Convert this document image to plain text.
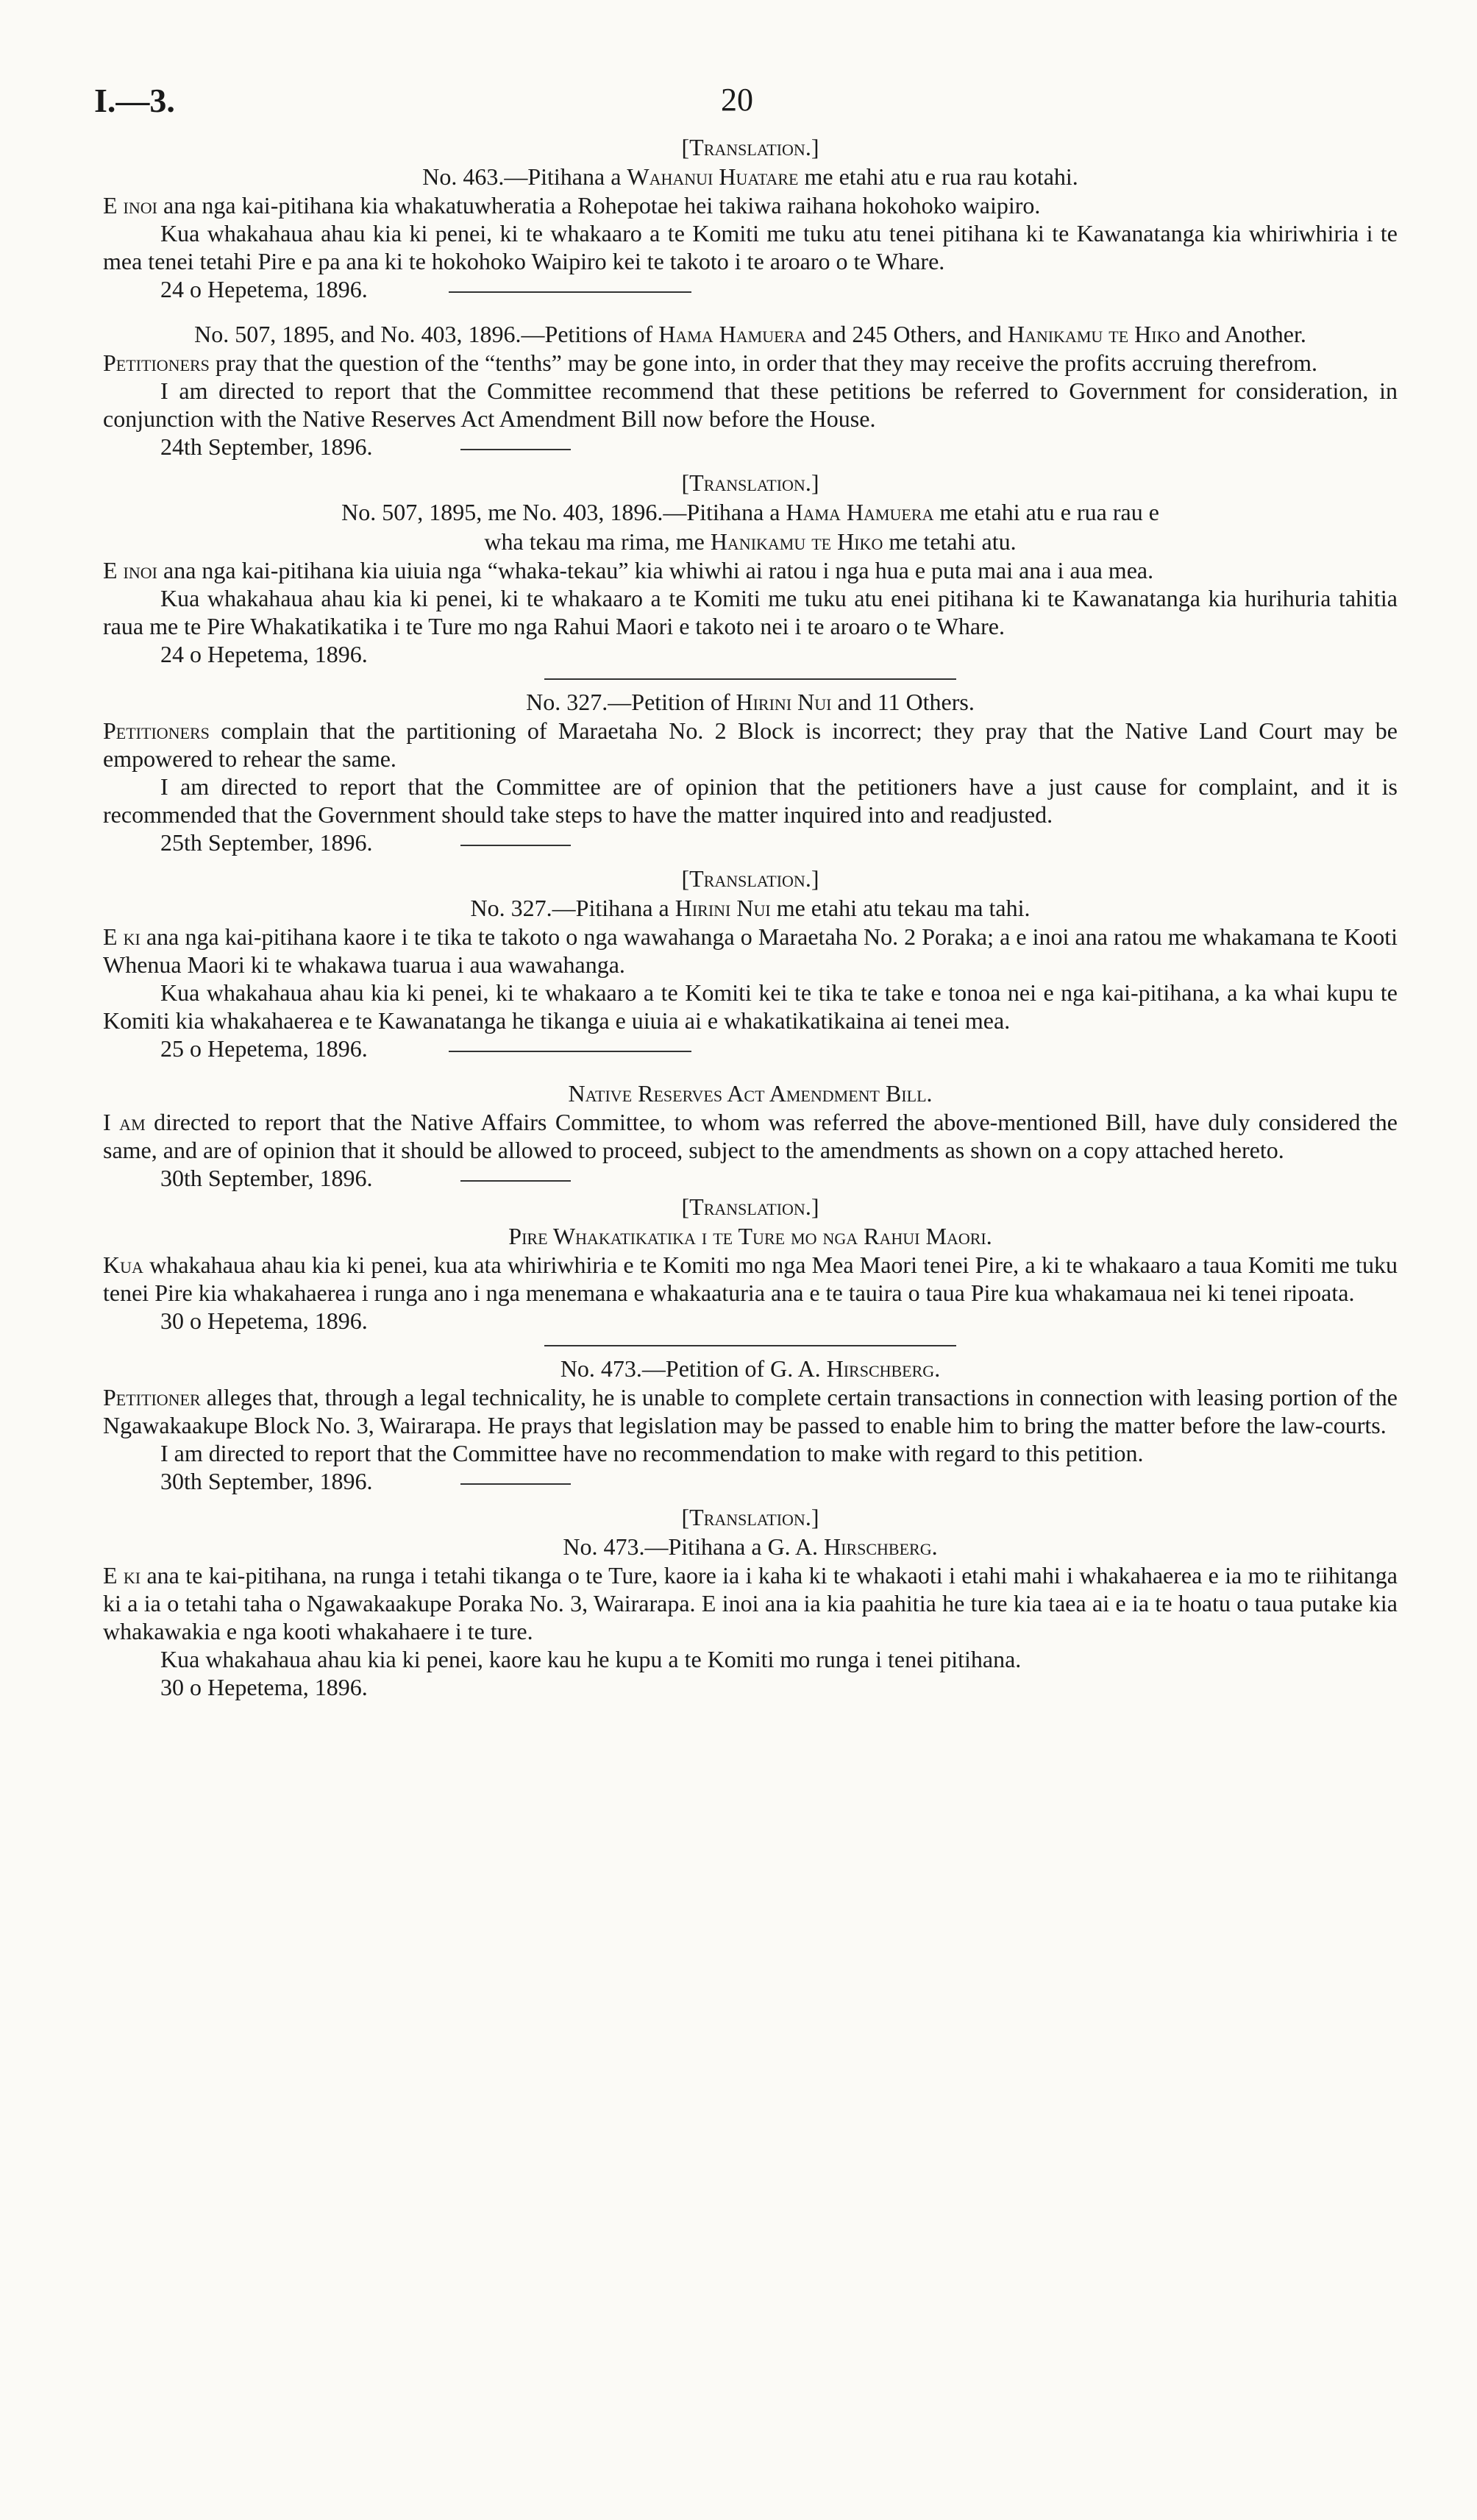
I.—3.	20
[Translation.]
No. 463.—Pitihana a Wahanui Huatare me etahi atu e rua rau kotahi.

E inoi ana nga kai-pitihana kia whakatuwheratia a Rohepotae hei takiwa raihana hokohoko waipiro.

Kua whakahaua ahau kia ki penei, ki te whakaaro a te Komiti me tuku atu tenei pitihana ki te Kawanatanga kia whiriwhiria i te mea tenei tetahi Pire e pa ana ki te hokohoko Waipiro kei te takoto i te aroaro o te Whare.

24 o Hepetema, 1896.

No. 507, 1895, and No. 403, 1896.—Petitions of Hama Hamuera and 245 Others, and Hanikamu te Hiko and Another.

Petitioners pray that the question of the “tenths” may be gone into, in order that they may receive the profits accruing therefrom.

I am directed to report that the Committee recommend that these petitions be referred to Government for consideration, in conjunction with the Native Reserves Act Amendment Bill now before the House.

24th September, 1896.

[Translation.]
No. 507, 1895, me No. 403, 1896.—Pitihana a Hama Hamuera me etahi atu e rua rau e
wha tekau ma rima, me Hanikamu te Hiko me tetahi atu.

E inoi ana nga kai-pitihana kia uiuia nga “whaka-tekau” kia whiwhi ai ratou i nga hua e puta mai ana i aua mea.

Kua whakahaua ahau kia ki penei, ki te whakaaro a te Komiti me tuku atu enei pitihana ki te Kawanatanga kia hurihuria tahitia raua me te Pire Whakatikatika i te Ture mo nga Rahui Maori e takoto nei i te aroaro o te Whare.

24 o Hepetema, 1896.

No. 327.—Petition of Hirini Nui and 11 Others.

Petitioners complain that the partitioning of Maraetaha No. 2 Block is incorrect; they pray that the Native Land Court may be empowered to rehear the same.

I am directed to report that the Committee are of opinion that the petitioners have a just cause for complaint, and it is recommended that the Government should take steps to have the matter inquired into and readjusted.

25th September, 1896.

[Translation.]
No. 327.—Pitihana a Hirini Nui me etahi atu tekau ma tahi.

E ki ana nga kai-pitihana kaore i te tika te takoto o nga wawahanga o Maraetaha No. 2 Poraka; a e inoi ana ratou me whakamana te Kooti Whenua Maori ki te whakawa tuarua i aua wawahanga.

Kua whakahaua ahau kia ki penei, ki te whakaaro a te Komiti kei te tika te take e tonoa nei e nga kai-pitihana, a ka whai kupu te Komiti kia whakahaerea e te Kawanatanga he tikanga e uiuia ai e whakatikatikaina ai tenei mea.

25 o Hepetema, 1896.

Native Reserves Act Amendment Bill.

I am directed to report that the Native Affairs Committee, to whom was referred the above-mentioned Bill, have duly considered the same, and are of opinion that it should be allowed to proceed, subject to the amendments as shown on a copy attached hereto.

30th September, 1896.

[Translation.]
Pire Whakatikatika i te Ture mo nga Rahui Maori.

Kua whakahaua ahau kia ki penei, kua ata whiriwhiria e te Komiti mo nga Mea Maori tenei Pire, a ki te whakaaro a taua Komiti me tuku tenei Pire kia whakahaerea i runga ano i nga menemana e whakaaturia ana e te tauira o taua Pire kua whakamaua nei ki tenei ripoata.

30 o Hepetema, 1896.

No. 473.—Petition of G. A. Hirschberg.

Petitioner alleges that, through a legal technicality, he is unable to complete certain transactions in connection with leasing portion of the Ngawakaakupe Block No. 3, Wairarapa. He prays that legislation may be passed to enable him to bring the matter before the law-courts.

I am directed to report that the Committee have no recommendation to make with regard to this petition.

30th September, 1896.

[Translation.]
No. 473.—Pitihana a G. A. Hirschberg.

E ki ana te kai-pitihana, na runga i tetahi tikanga o te Ture, kaore ia i kaha ki te whakaoti i etahi mahi i whakahaerea e ia mo te riihitanga ki a ia o tetahi taha o Ngawakaakupe Poraka No. 3, Wairarapa. E inoi ana ia kia paahitia he ture kia taea ai e ia te hoatu o taua putake kia whakawakia e nga kooti whakahaere i te ture.

Kua whakahaua ahau kia ki penei, kaore kau he kupu a te Komiti mo runga i tenei pitihana.

30 o Hepetema, 1896.
